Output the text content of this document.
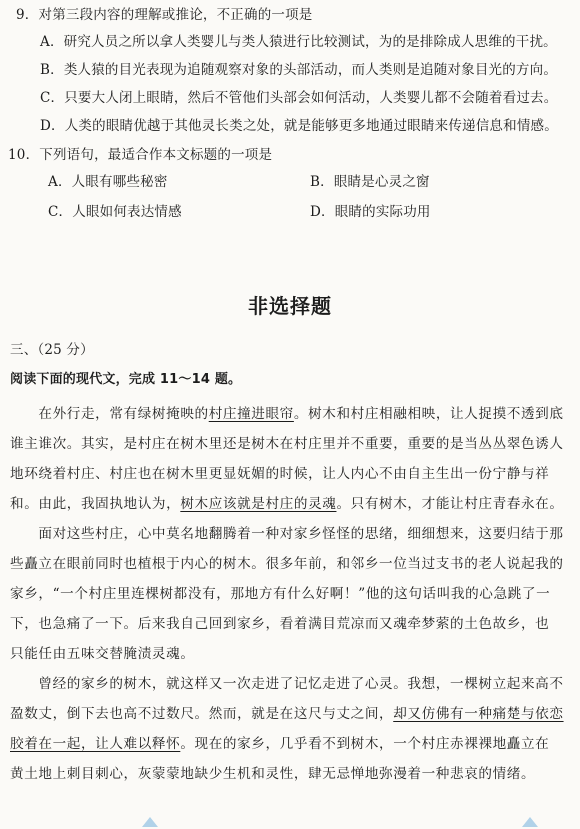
9．对第三段内容的理解或推论，不正确的一项是
A．研究人员之所以拿人类婴儿与类人猿进行比较测试，为的是排除成人思维的干扰。
B．类人猿的目光表现为追随观察对象的头部活动，而人类则是追随对象目光的方向。
C．只要大人闭上眼睛，然后不管他们头部会如何活动，人类婴儿都不会随着看过去。
D．人类的眼睛优越于其他灵长类之处，就是能够更多地通过眼睛来传递信息和情感。
10．下列语句，最适合作本文标题的一项是
A．人眼有哪些秘密	B．眼睛是心灵之窗
C．人眼如何表达情感	D．眼睛的实际功用
非选择题
三、（25 分）
阅读下面的现代文，完成 11～14 题。
　　在外行走，常有绿树掩映的村庄撞进眼帘。树木和村庄相融相映，让人捉摸不透到底
谁主谁次。其实，是村庄在树木里还是树木在村庄里并不重要，重要的是当丛丛翠色诱人
地环绕着村庄、村庄也在树木里更显妩媚的时候，让人内心不由自主生出一份宁静与祥
和。由此，我固执地认为，树木应该就是村庄的灵魂。只有树木，才能让村庄青春永在。
　　面对这些村庄，心中莫名地翻腾着一种对家乡怪怪的思绪，细细想来，这要归结于那
些矗立在眼前同时也植根于内心的树木。很多年前，和邻乡一位当过支书的老人说起我的
家乡，“一个村庄里连棵树都没有，那地方有什么好啊！”他的这句话叫我的心急跳了一
下，也急痛了一下。后来我自己回到家乡，看着满目荒凉而又魂牵梦萦的土色故乡，也
只能任由五味交替腌渍灵魂。
　　曾经的家乡的树木，就这样又一次走进了记忆走进了心灵。我想，一棵树立起来高不
盈数丈，倒下去也高不过数尺。然而，就是在这尺与丈之间，却又仿佛有一种痛楚与依恋
胶着在一起，让人难以释怀。现在的家乡，几乎看不到树木，一个村庄赤裸裸地矗立在
黄土地上刺目刺心，灰蒙蒙地缺少生机和灵性，肆无忌惮地弥漫着一种悲哀的情绪。
